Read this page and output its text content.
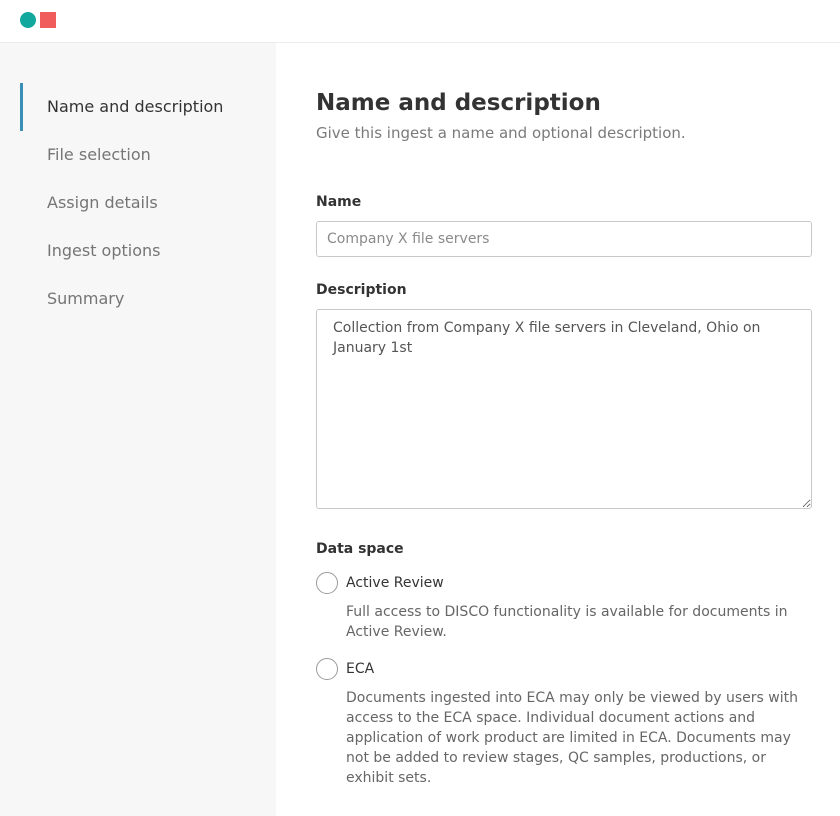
Name and description
File selection
Assign details
Ingest options
Summary
Name and description
Give this ingest a name and optional description.
Name
Company X file servers
Description
Collection from Company X file servers in Cleveland, Ohio on January 1st
Data space
Active Review
Full access to DISCO functionality is available for documents in Active Review.
ECA
Documents ingested into ECA may only be viewed by users with access to the ECA space. Individual document actions and application of work product are limited in ECA. Documents may not be added to review stages, QC samples, productions, or exhibit sets.
